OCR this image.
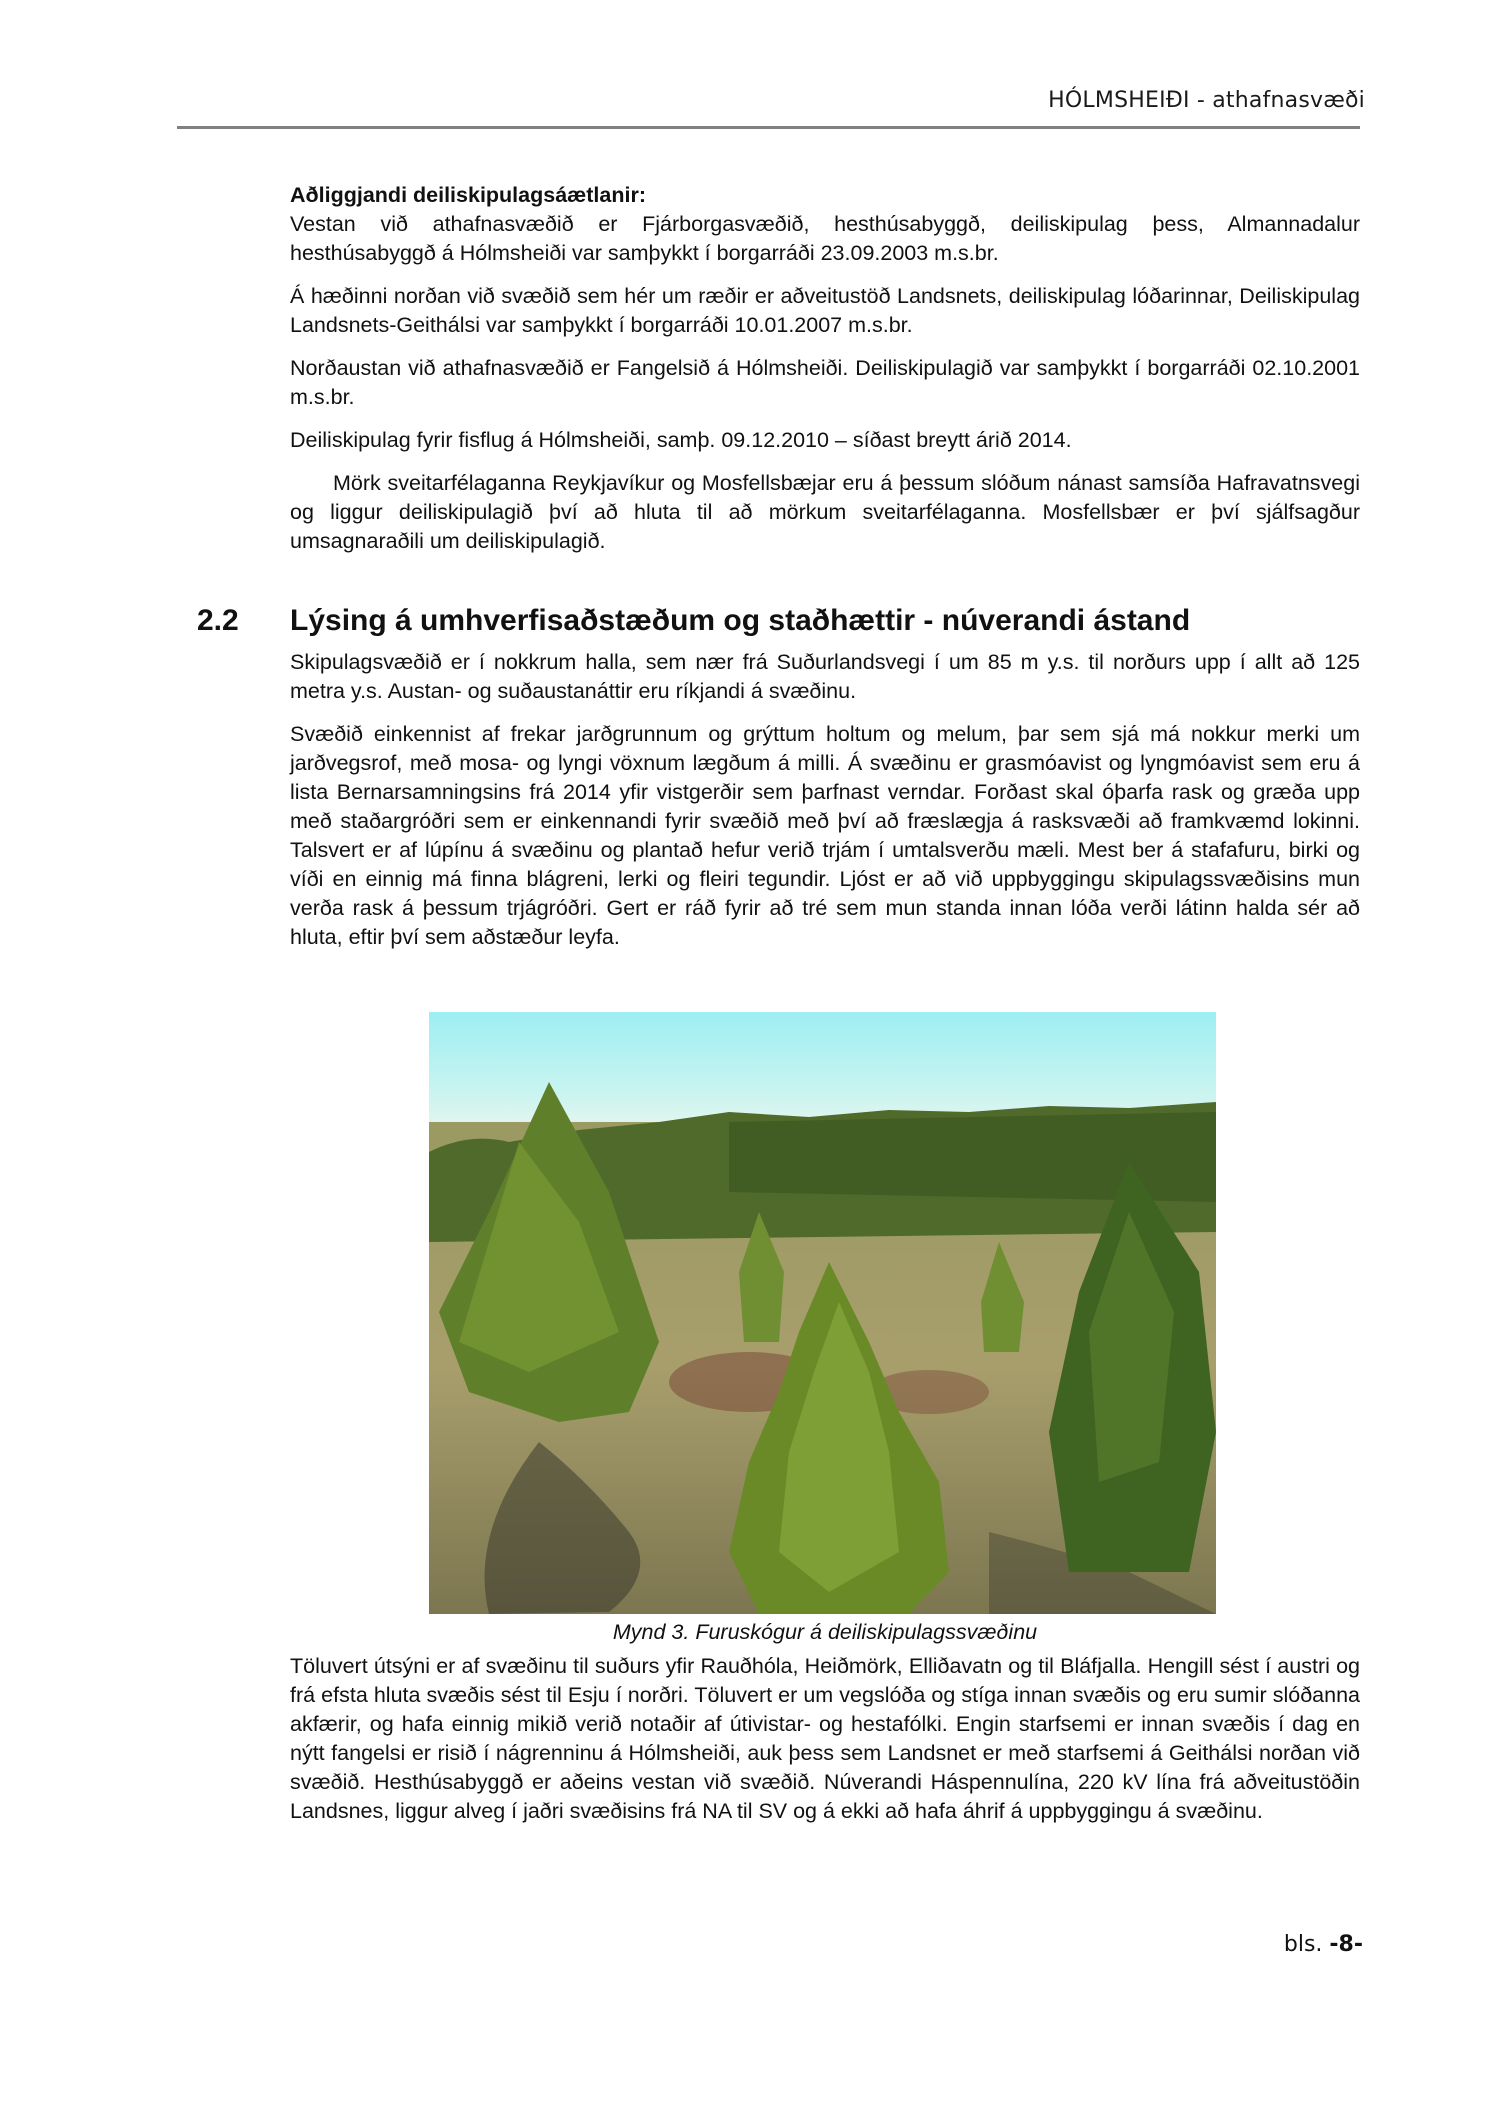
HÓLMSHEIÐI - athafnasvæði

Aðliggjandi deiliskipulagsáætlanir:

Vestan við athafnasvæðið er Fjárborgasvæðið, hesthúsabyggð, deiliskipulag þess, Almannadalur hesthúsabyggð á Hólmsheiði var samþykkt í borgarráði 23.09.2003 m.s.br.

Á hæðinni norðan við svæðið sem hér um ræðir er aðveitustöð Landsnets, deiliskipulag lóðarinnar, Deiliskipulag Landsnets-Geithálsi var samþykkt í borgarráði 10.01.2007 m.s.br.

Norðaustan við athafnasvæðið er Fangelsið á Hólmsheiði. Deiliskipulagið var samþykkt í borgarráði 02.10.2001 m.s.br.

Deiliskipulag fyrir fisflug á Hólmsheiði, samþ. 09.12.2010 – síðast breytt árið 2014.

Mörk sveitarfélaganna Reykjavíkur og Mosfellsbæjar eru á þessum slóðum nánast samsíða Hafravatnsvegi og liggur deiliskipulagið því að hluta til að mörkum sveitarfélaganna. Mosfellsbær er því sjálfsagður umsagnaraðili um deiliskipulagið.

2.2	Lýsing á umhverfisaðstæðum og staðhættir - núverandi ástand

Skipulagsvæðið er í nokkrum halla, sem nær frá Suðurlandsvegi í um 85 m y.s. til norðurs upp í allt að 125 metra y.s. Austan- og suðaustanáttir eru ríkjandi á svæðinu.

Svæðið einkennist af frekar jarðgrunnum og grýttum holtum og melum, þar sem sjá má nokkur merki um jarðvegsrof, með mosa- og lyngi vöxnum lægðum á milli. Á svæðinu er grasmóavist og lyngmóavist sem eru á lista Bernarsamningsins frá 2014 yfir vistgerðir sem þarfnast verndar. Forðast skal óþarfa rask og græða upp með staðargróðri sem er einkennandi fyrir svæðið með því að fræslægja á rasksvæði að framkvæmd lokinni. Talsvert er af lúpínu á svæðinu og plantað hefur verið trjám í umtalsverðu mæli. Mest ber á stafafuru, birki og víði en einnig má finna blágreni, lerki og fleiri tegundir. Ljóst er að við uppbyggingu skipulagssvæðisins mun verða rask á þessum trjágróðri. Gert er ráð fyrir að tré sem mun standa innan lóða verði látinn halda sér að hluta, eftir því sem aðstæður leyfa.

Mynd 3. Furuskógur á deiliskipulagssvæðinu

Töluvert útsýni er af svæðinu til suðurs yfir Rauðhóla, Heiðmörk, Elliðavatn og til Bláfjalla. Hengill sést í austri og frá efsta hluta svæðis sést til Esju í norðri. Töluvert er um vegslóða og stíga innan svæðis og eru sumir slóðanna akfærir, og hafa einnig mikið verið notaðir af útivistar- og hestafólki. Engin starfsemi er innan svæðis í dag en nýtt fangelsi er risið í nágrenninu á Hólmsheiði, auk þess sem Landsnet er með starfsemi á Geithálsi norðan við svæðið. Hesthúsabyggð er aðeins vestan við svæðið. Núverandi Háspennulína, 220 kV lína frá aðveitustöðin Landsnes, liggur alveg í jaðri svæðisins frá NA til SV og á ekki að hafa áhrif á uppbyggingu á svæðinu.

bls. -8-
